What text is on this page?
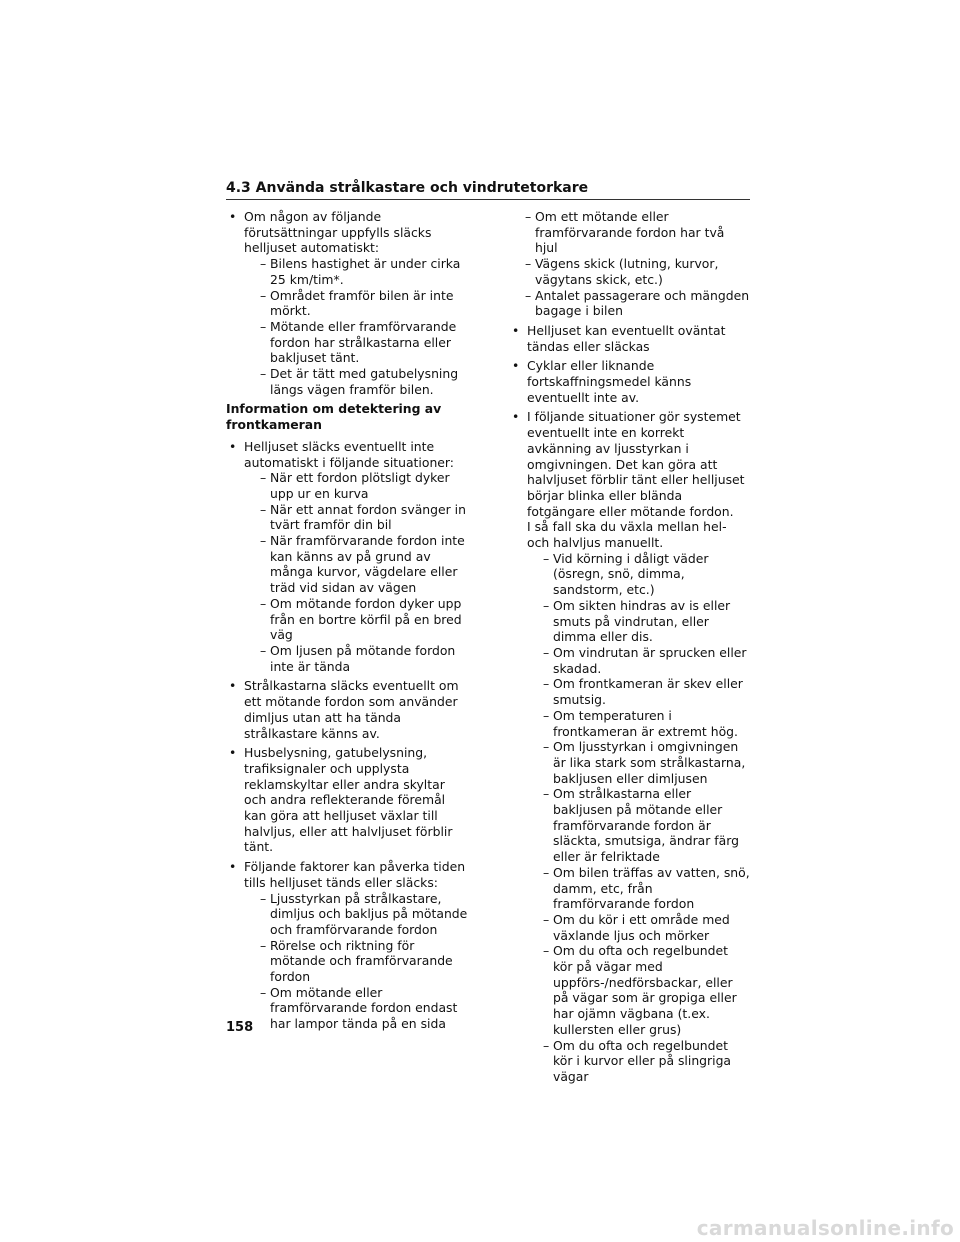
4.3 Använda strålkastare och vindrutetorkare
• Om någon av följande förutsättningar uppfylls släcks helljuset automatiskt:
– Bilens hastighet är under cirka 25 km/tim*.
– Området framför bilen är inte mörkt.
– Mötande eller framförvarande fordon har strålkastarna eller bakljuset tänt.
– Det är tätt med gatubelysning längs vägen framför bilen.
Information om detektering av frontkameran
• Helljuset släcks eventuellt inte automatiskt i följande situationer:
– När ett fordon plötsligt dyker upp ur en kurva
– När ett annat fordon svänger in tvärt framför din bil
– När framförvarande fordon inte kan känns av på grund av många kurvor, vägdelare eller träd vid sidan av vägen
– Om mötande fordon dyker upp från en bortre körfil på en bred väg
– Om ljusen på mötande fordon inte är tända
• Strålkastarna släcks eventuellt om ett mötande fordon som använder dimljus utan att ha tända strålkastare känns av.
• Husbelysning, gatubelysning, trafiksignaler och upplysta reklamskyltar eller andra skyltar och andra reflekterande föremål kan göra att helljuset växlar till halvljus, eller att halvljuset förblir tänt.
• Följande faktorer kan påverka tiden tills helljuset tänds eller släcks:
– Ljusstyrkan på strålkastare, dimljus och bakljus på mötande och framförvarande fordon
– Rörelse och riktning för mötande och framförvarande fordon
– Om mötande eller framförvarande fordon endast har lampor tända på en sida
– Om ett mötande eller framförvarande fordon har två hjul
– Vägens skick (lutning, kurvor, vägytans skick, etc.)
– Antalet passagerare och mängden bagage i bilen
• Helljuset kan eventuellt oväntat tändas eller släckas
• Cyklar eller liknande fortskaffningsmedel känns eventuellt inte av.
• I följande situationer gör systemet eventuellt inte en korrekt avkänning av ljusstyrkan i omgivningen. Det kan göra att halvljuset förblir tänt eller helljuset börjar blinka eller blända fotgängare eller mötande fordon.
I så fall ska du växla mellan hel- och halvljus manuellt.
– Vid körning i dåligt väder (ösregn, snö, dimma, sandstorm, etc.)
– Om sikten hindras av is eller smuts på vindrutan, eller dimma eller dis.
– Om vindrutan är sprucken eller skadad.
– Om frontkameran är skev eller smutsig.
– Om temperaturen i frontkameran är extremt hög.
– Om ljusstyrkan i omgivningen är lika stark som strålkastarna, bakljusen eller dimljusen
– Om strålkastarna eller bakljusen på mötande eller framförvarande fordon är släckta, smutsiga, ändrar färg eller är felriktade
– Om bilen träffas av vatten, snö, damm, etc, från framförvarande fordon
– Om du kör i ett område med växlande ljus och mörker
– Om du ofta och regelbundet kör på vägar med uppförs-/nedförsbackar, eller på vägar som är gropiga eller har ojämn vägbana (t.ex. kullersten eller grus)
– Om du ofta och regelbundet kör i kurvor eller på slingriga vägar
158
carmanualsonline.info
